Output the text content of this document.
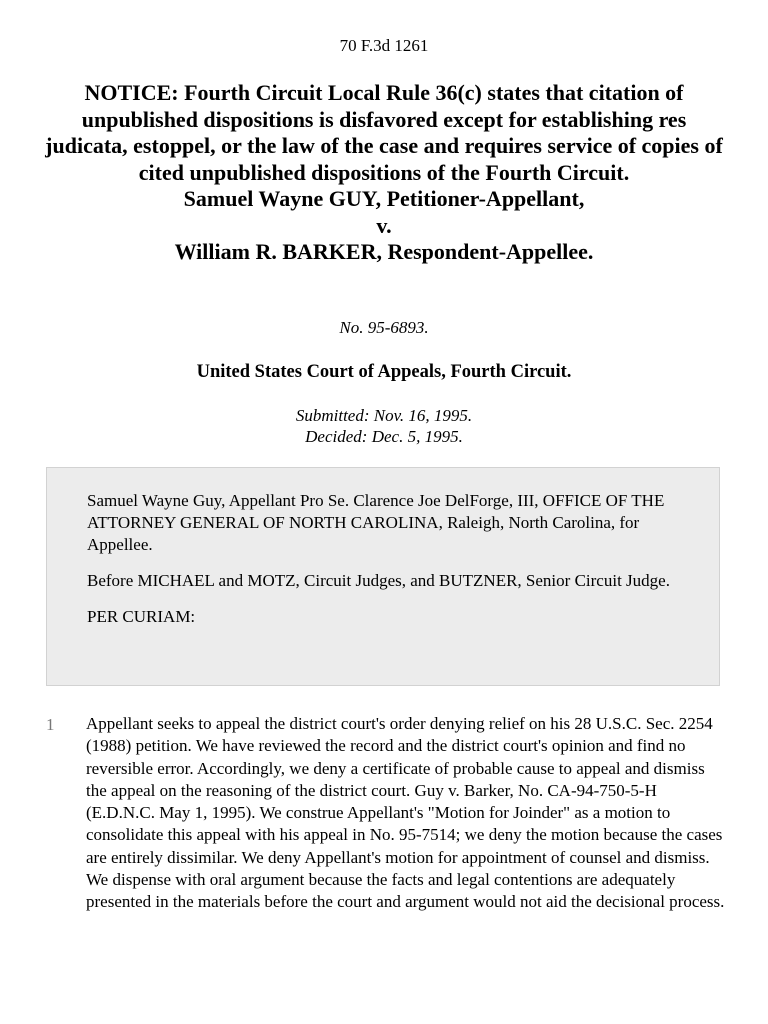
70 F.3d 1261
NOTICE: Fourth Circuit Local Rule 36(c) states that citation of unpublished dispositions is disfavored except for establishing res judicata, estoppel, or the law of the case and requires service of copies of cited unpublished dispositions of the Fourth Circuit.
Samuel Wayne GUY, Petitioner-Appellant,
v.
William R. BARKER, Respondent-Appellee.
No. 95-6893.
United States Court of Appeals, Fourth Circuit.
Submitted: Nov. 16, 1995.
Decided: Dec. 5, 1995.

Samuel Wayne Guy, Appellant Pro Se. Clarence Joe DelForge, III, OFFICE OF THE ATTORNEY GENERAL OF NORTH CAROLINA, Raleigh, North Carolina, for Appellee.

Before MICHAEL and MOTZ, Circuit Judges, and BUTZNER, Senior Circuit Judge.

PER CURIAM:

1 Appellant seeks to appeal the district court's order denying relief on his 28 U.S.C. Sec. 2254 (1988) petition. We have reviewed the record and the district court's opinion and find no reversible error. Accordingly, we deny a certificate of probable cause to appeal and dismiss the appeal on the reasoning of the district court. Guy v. Barker, No. CA-94-750-5-H (E.D.N.C. May 1, 1995). We construe Appellant's "Motion for Joinder" as a motion to consolidate this appeal with his appeal in No. 95-7514; we deny the motion because the cases are entirely dissimilar. We deny Appellant's motion for appointment of counsel and dismiss. We dispense with oral argument because the facts and legal contentions are adequately presented in the materials before the court and argument would not aid the decisional process.
